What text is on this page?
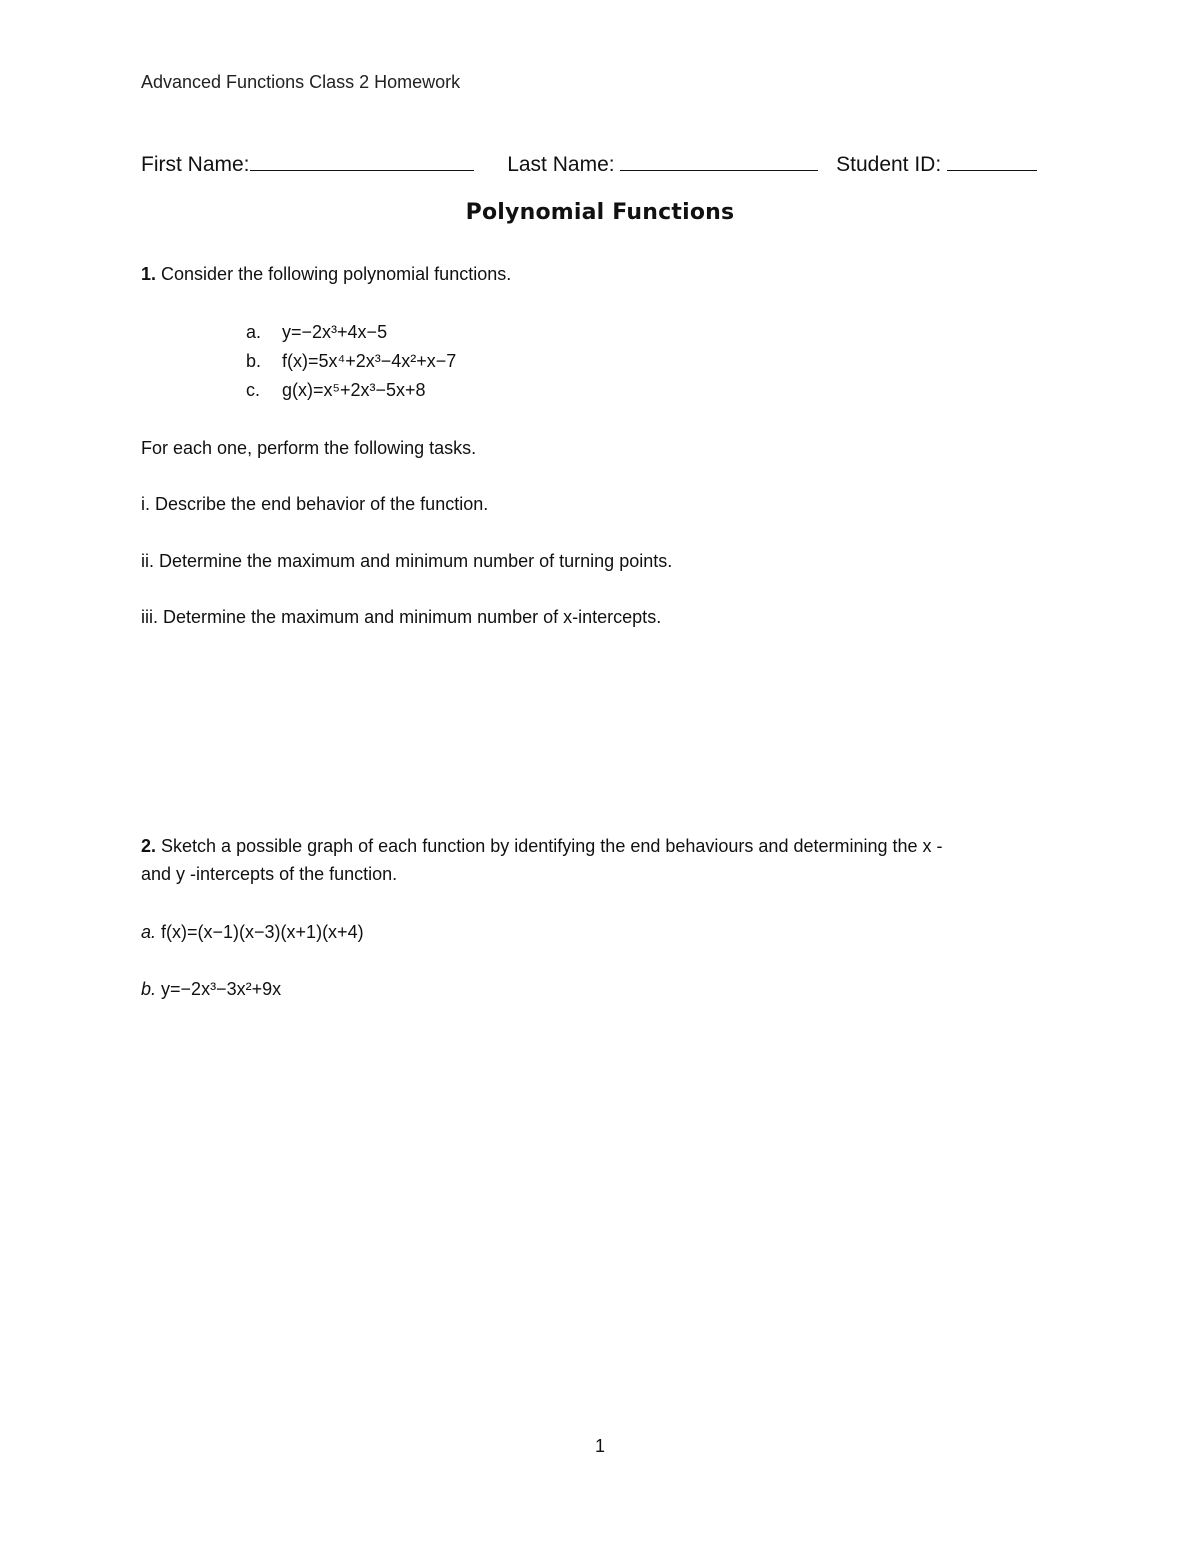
Advanced Functions Class 2 Homework
First Name:	Last Name:	Student ID:
Polynomial Functions
1. Consider the following polynomial functions.
a. y=−2x³+4x−5
b. f(x)=5x⁴+2x³−4x²+x−7
c. g(x)=x⁵+2x³−5x+8
For each one, perform the following tasks.
i. Describe the end behavior of the function.
ii. Determine the maximum and minimum number of turning points.
iii. Determine the maximum and minimum number of x-intercepts.
2. Sketch a possible graph of each function by identifying the end behaviours and determining the x -
and y -intercepts of the function.
a. f(x)=(x−1)(x−3)(x+1)(x+4)
b. y=−2x³−3x²+9x
1
